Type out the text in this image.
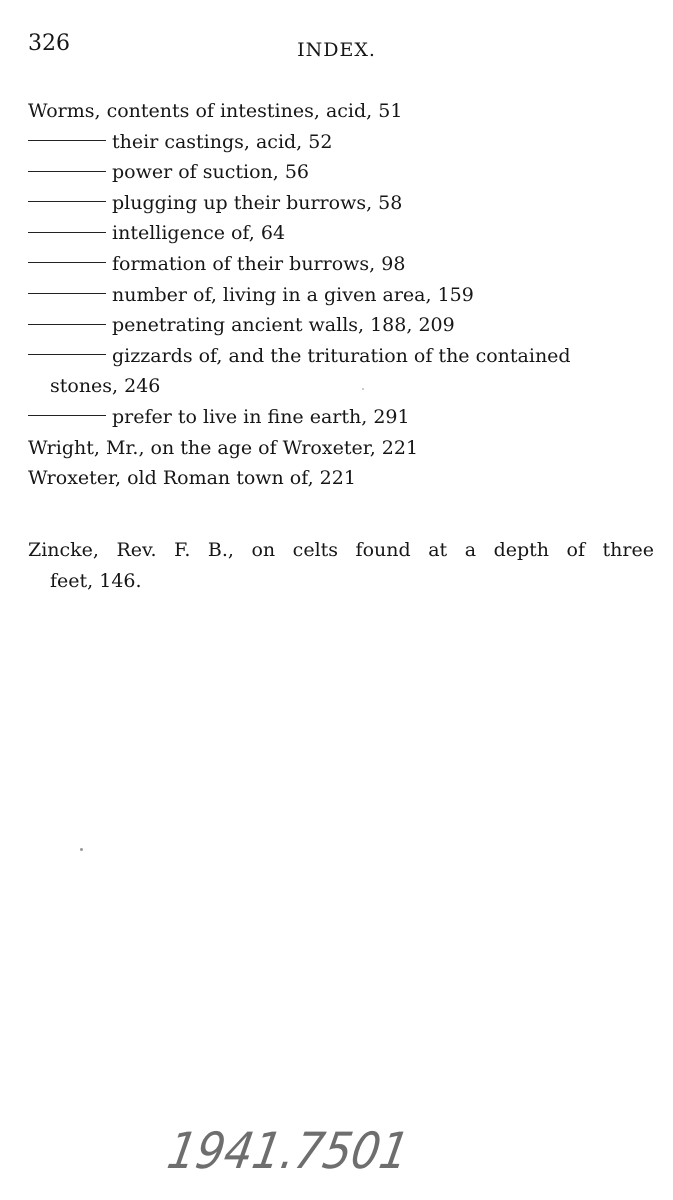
326	INDEX.
Worms, contents of intestines, acid, 51
their castings, acid, 52
power of suction, 56
plugging up their burrows, 58
intelligence of, 64
formation of their burrows, 98
number of, living in a given area, 159
penetrating ancient walls, 188, 209
gizzards of, and the trituration of the contained
stones, 246
prefer to live in fine earth, 291
Wright, Mr., on the age of Wroxeter, 221
Wroxeter, old Roman town of, 221
Zincke, Rev. F. B., on celts found at a depth of three
feet, 146.
1941.7501
